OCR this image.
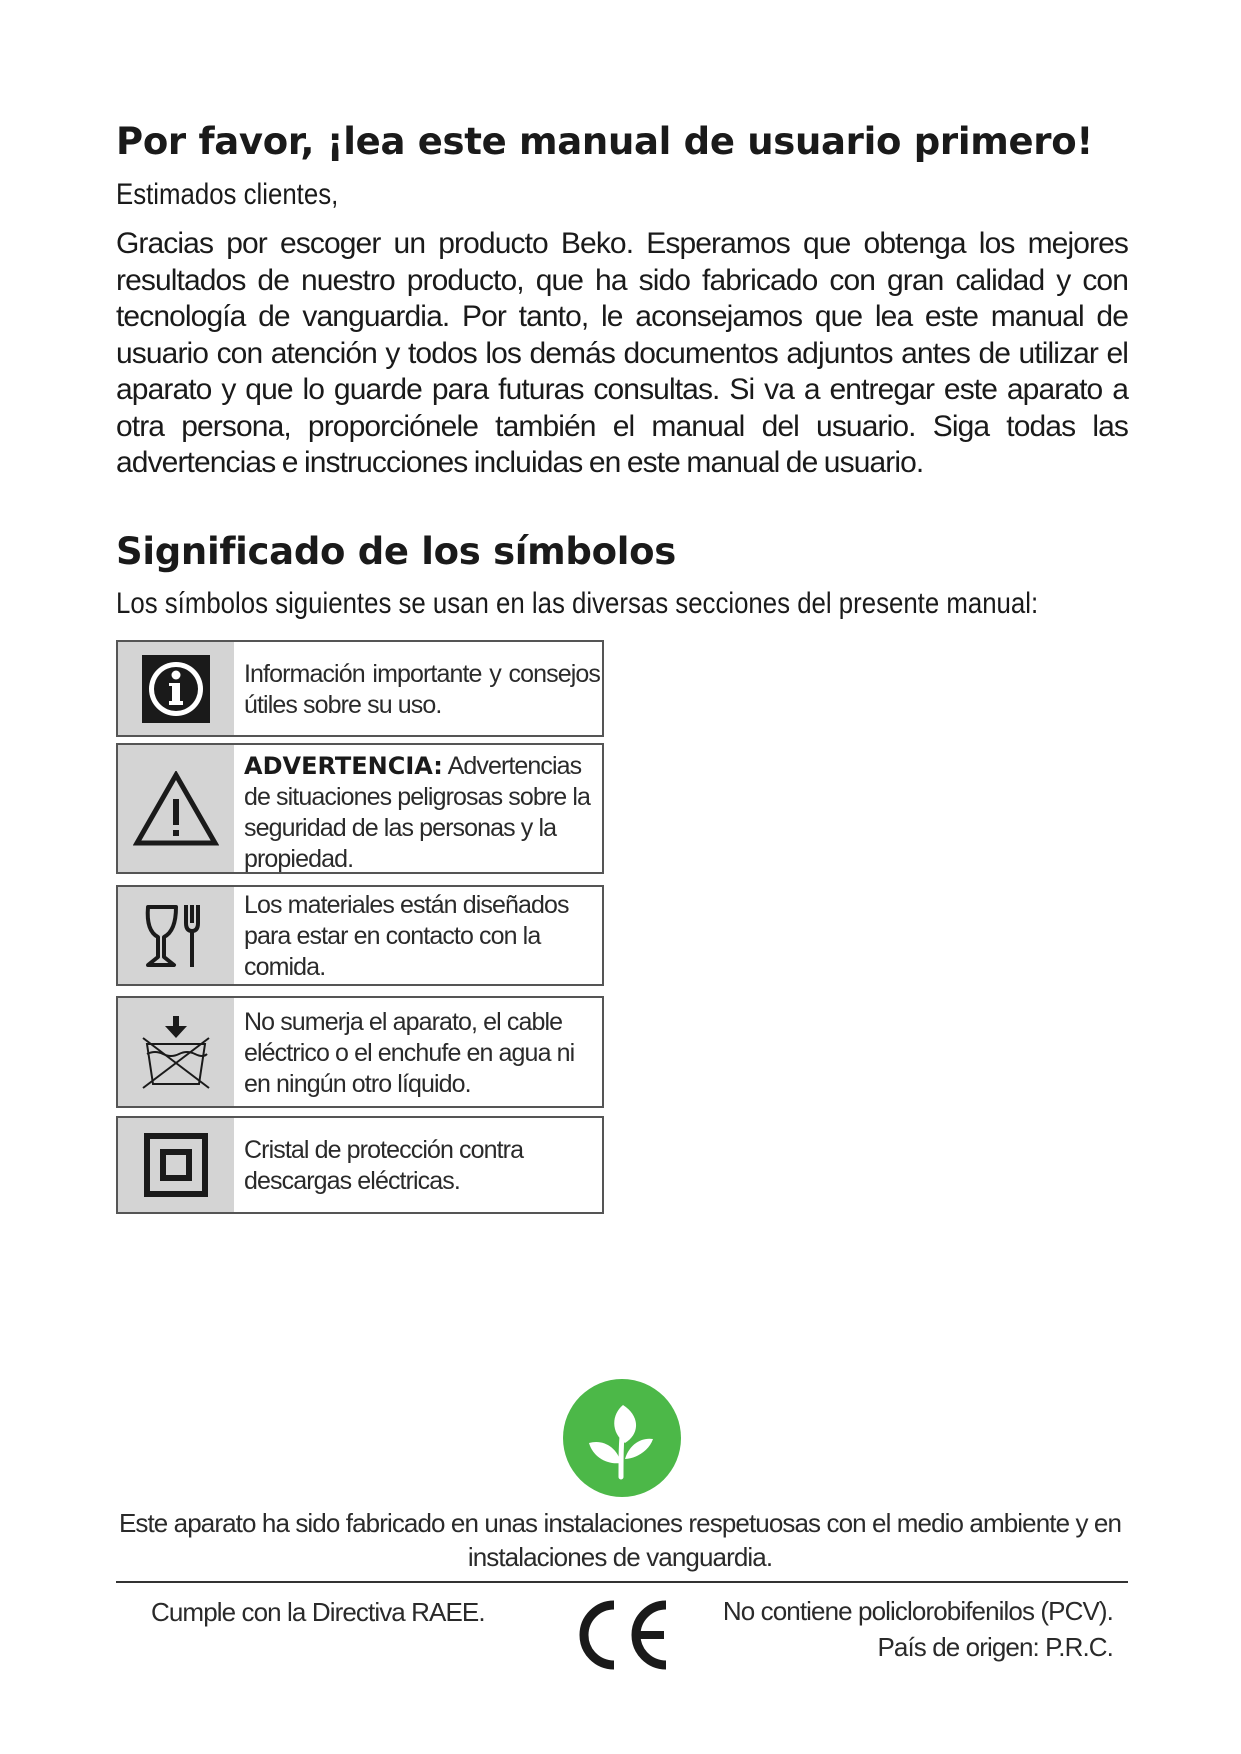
Por favor, ¡lea este manual de usuario primero!
Estimados clientes,

Gracias por escoger un producto Beko. Esperamos que obtenga los mejores resultados de nuestro producto, que ha sido fabricado con gran calidad y con tecnología de vanguardia. Por tanto, le aconsejamos que lea este manual de usuario con atención y todos los demás documentos adjuntos antes de utilizar el aparato y que lo guarde para futuras consultas. Si va a entregar este aparato a otra persona, proporciónele también el manual del usuario. Siga todas las advertencias e instrucciones incluidas en este manual de usuario.

Significado de los símbolos
Los símbolos siguientes se usan en las diversas secciones del presente manual:
Información importante y consejos útiles sobre su uso.
ADVERTENCIA: Advertencias de situaciones peligrosas sobre la seguridad de las personas y la propiedad.
Los materiales están diseñados para estar en contacto con la comida.
No sumerja el aparato, el cable eléctrico o el enchufe en agua ni en ningún otro líquido.
Cristal de protección contra descargas eléctricas.
Este aparato ha sido fabricado en unas instalaciones respetuosas con el medio ambiente y en instalaciones de vanguardia.
Cumple con la Directiva RAEE.	No contiene policlorobifenilos (PCV).
País de origen: P.R.C.
